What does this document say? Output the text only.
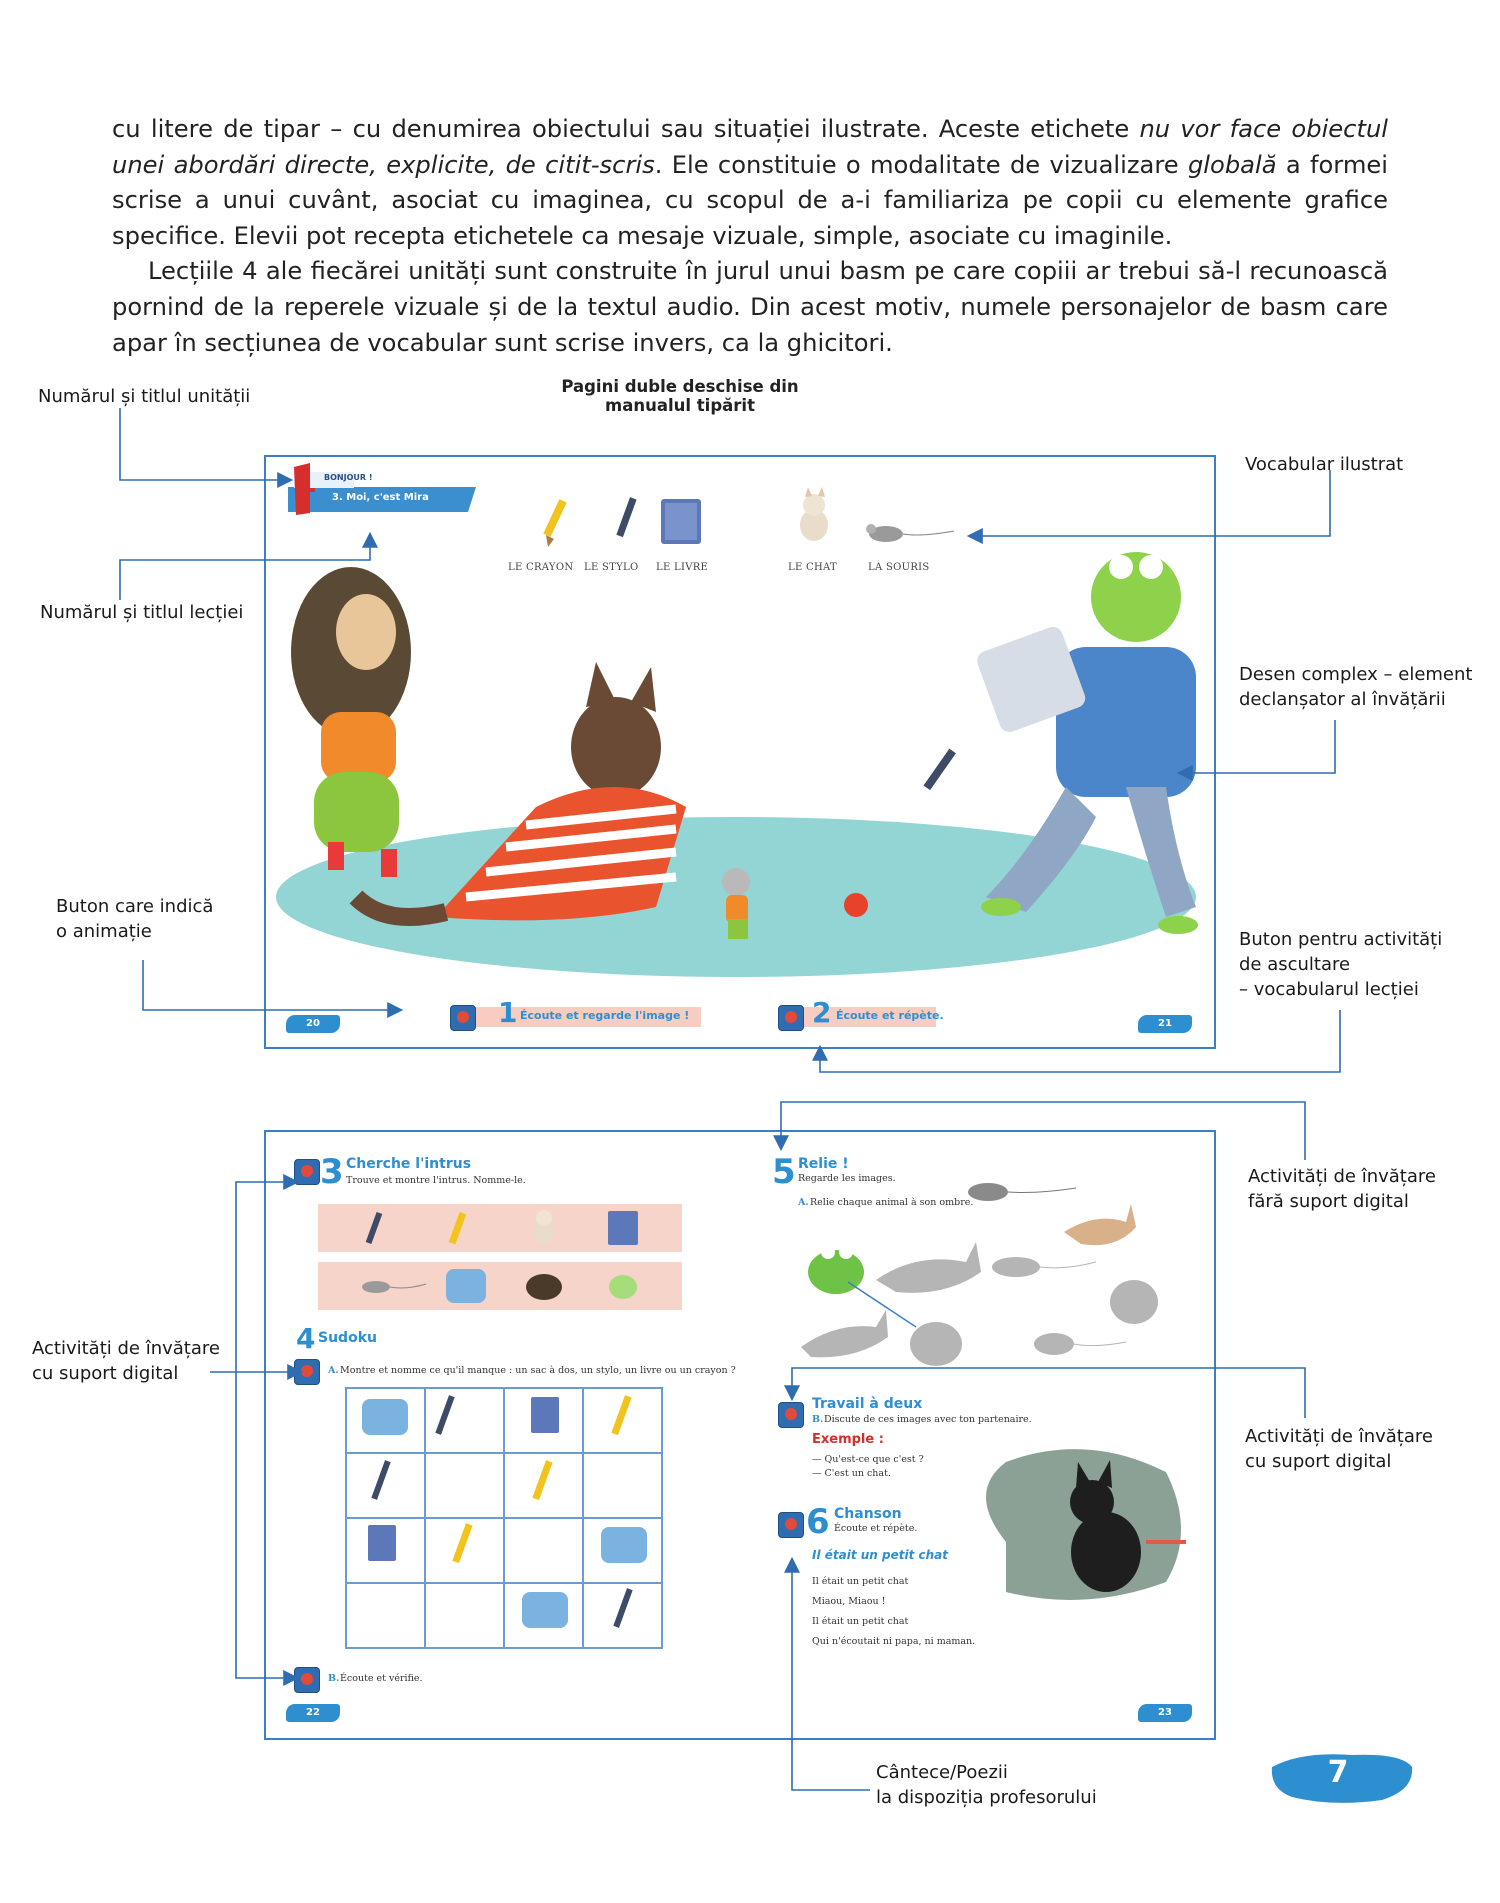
cu litere de tipar – cu denumirea obiectului sau situației ilustrate. Aceste etichete nu vor face obiectul unei abordări directe, explicite, de citit-scris. Ele constituie o modalitate de vizualizare globală a formei scrise a unui cuvânt, asociat cu imaginea, cu scopul de a-i familiariza pe copii cu elemente grafice specifice. Elevii pot recepta etichetele ca mesaje vizuale, simple, asociate cu imaginile.

Lecțiile 4 ale fiecărei unități sunt construite în jurul unui basm pe care copiii ar trebui să-l recunoască pornind de la reperele vizuale și de la textul audio. Din acest motiv, numele personajelor de basm care apar în secțiunea de vocabular sunt scrise invers, ca la ghicitori.

Pagini duble deschise din manualul tipărit
Numărul și titlul unității
Numărul și titlul lecției
Vocabular ilustrat
Desen complex – element
declanșator al învățării
Buton care indică
o animație	Buton pentru activități
de ascultare
– vocabularul lecției
Activități de învățare
fără suport digital
Activități de învățare
cu suport digital
Activități de învățare
cu suport digital
Cântece/Poezii
la dispoziția profesorului
BONJOUR !
1 3. Moi, c'est Mira
LE CRAYON LE STYLO LE LIVRE	LE CHAT	LA SOURIS
1 Écoute et regarde l'image !	2 Écoute et répète.
20	21
3 Cherche l'intrus
Trouve et montre l'intrus. Nomme-le.
4 Sudoku
A. Montre et nomme ce qu'il manque : un sac à dos, un stylo, un livre ou un crayon ?
B. Écoute et vérifie.
5 Relie !
Regarde les images.
A. Relie chaque animal à son ombre.
Travail à deux
B. Discute de ces images avec ton partenaire.
Exemple :
— Qu'est-ce que c'est ?
— C'est un chat.
6 Chanson
Écoute et répète.
Il était un petit chat
Il était un petit chat
Miaou, Miaou !
Il était un petit chat
Qui n'écoutait ni papa, ni maman.
22	23
7
